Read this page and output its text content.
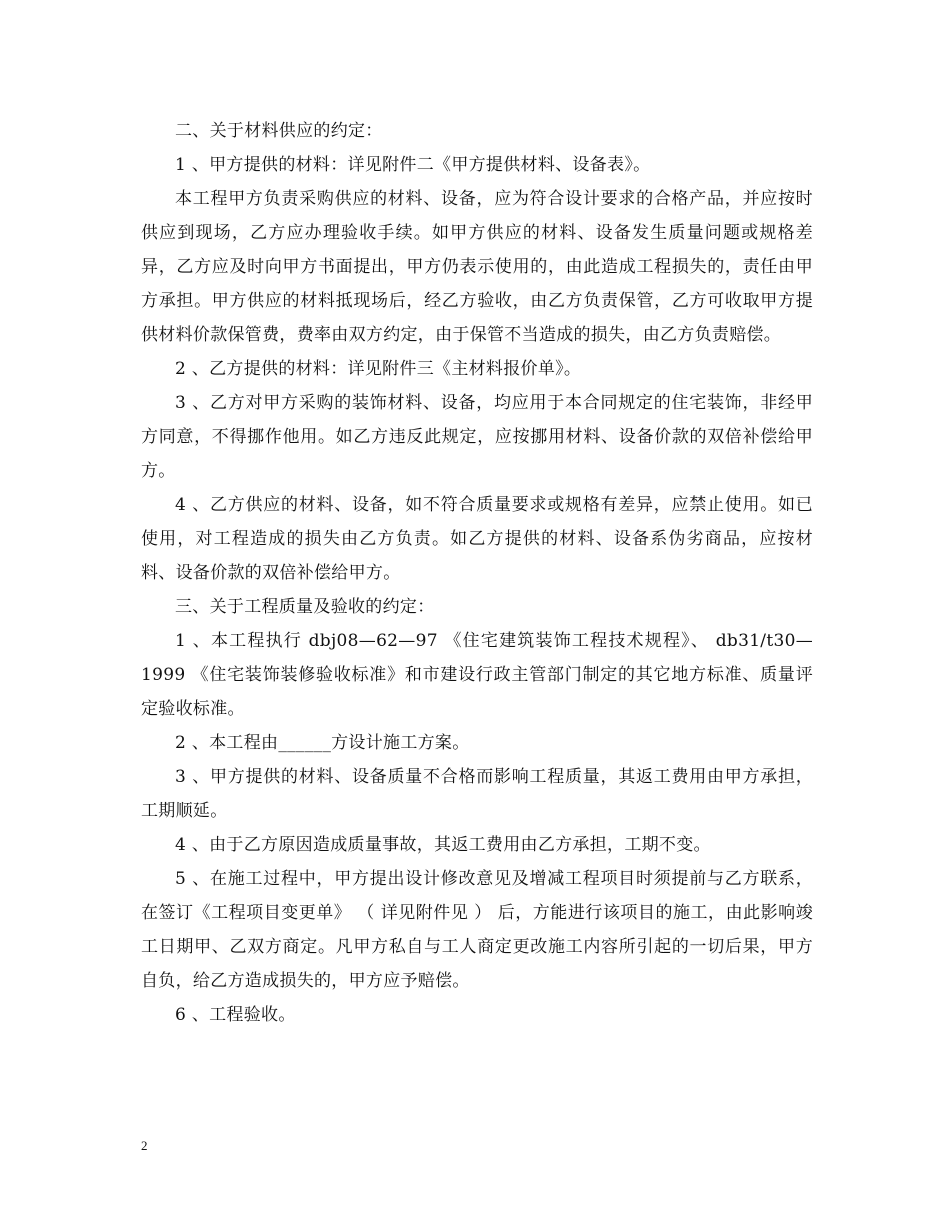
二、关于材料供应的约定：

1 、甲方提供的材料：详见附件二《甲方提供材料、设备表》。

本工程甲方负责采购供应的材料、设备，应为符合设计要求的合格产品，并应按时供应到现场，乙方应办理验收手续。如甲方供应的材料、设备发生质量问题或规格差异，乙方应及时向甲方书面提出，甲方仍表示使用的，由此造成工程损失的，责任由甲方承担。甲方供应的材料抵现场后，经乙方验收，由乙方负责保管，乙方可收取甲方提供材料价款保管费，费率由双方约定，由于保管不当造成的损失，由乙方负责赔偿。

2 、乙方提供的材料：详见附件三《主材料报价单》。

3 、乙方对甲方采购的装饰材料、设备，均应用于本合同规定的住宅装饰，非经甲方同意，不得挪作他用。如乙方违反此规定，应按挪用材料、设备价款的双倍补偿给甲方。

4 、乙方供应的材料、设备，如不符合质量要求或规格有差异，应禁止使用。如已使用，对工程造成的损失由乙方负责。如乙方提供的材料、设备系伪劣商品，应按材料、设备价款的双倍补偿给甲方。

三、关于工程质量及验收的约定：

1 、本工程执行 dbj08—62—97 《住宅建筑装饰工程技术规程》、 db31/t30—1999 《住宅装饰装修验收标准》和市建设行政主管部门制定的其它地方标准、质量评定验收标准。

2 、本工程由______方设计施工方案。

3 、甲方提供的材料、设备质量不合格而影响工程质量，其返工费用由甲方承担，工期顺延。

4 、由于乙方原因造成质量事故，其返工费用由乙方承担，工期不变。

5 、在施工过程中，甲方提出设计修改意见及增减工程项目时须提前与乙方联系，在签订《工程项目变更单》 （ 详见附件见 ） 后，方能进行该项目的施工，由此影响竣工日期甲、乙双方商定。凡甲方私自与工人商定更改施工内容所引起的一切后果，甲方自负，给乙方造成损失的，甲方应予赔偿。

6 、工程验收。

2
